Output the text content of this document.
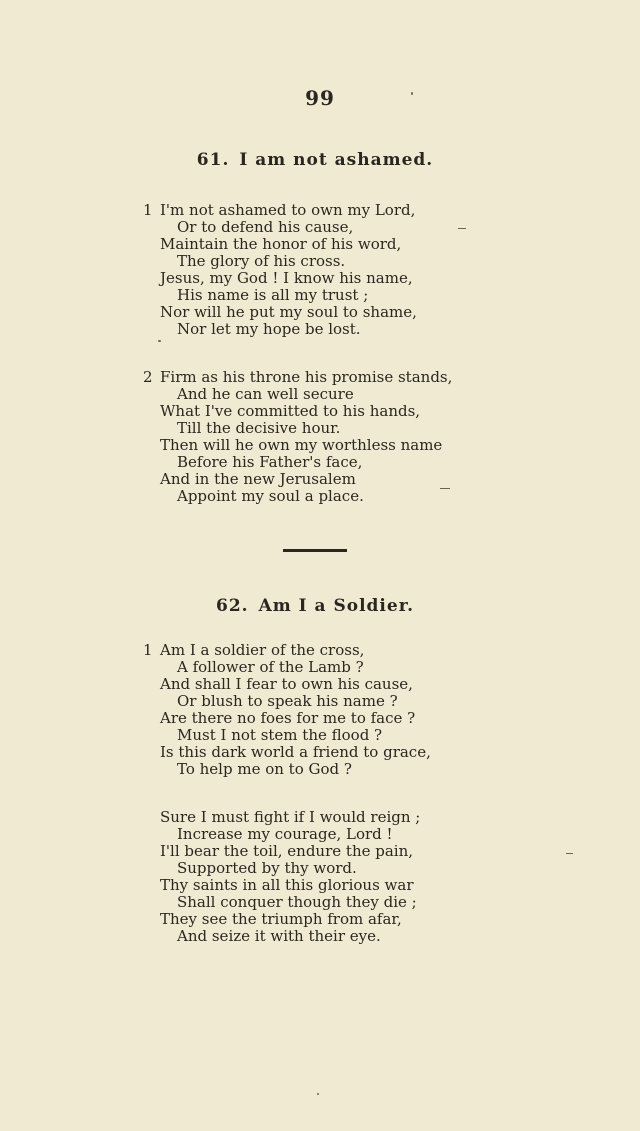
99
61. I am not ashamed.
1 I'm not ashamed to own my Lord,
Or to defend his cause,
Maintain the honor of his word,
The glory of his cross.
Jesus, my God ! I know his name,
His name is all my trust ;
Nor will he put my soul to shame,
Nor let my hope be lost.
2 Firm as his throne his promise stands,
And he can well secure
What I've committed to his hands,
Till the decisive hour.
Then will he own my worthless name
Before his Father's face,
And in the new Jerusalem
Appoint my soul a place.
62. Am I a Soldier.
1 Am I a soldier of the cross,
A follower of the Lamb ?
And shall I fear to own his cause,
Or blush to speak his name ?
Are there no foes for me to face ?
Must I not stem the flood ?
Is this dark world a friend to grace,
To help me on to God ?
Sure I must fight if I would reign ;
Increase my courage, Lord !
I'll bear the toil, endure the pain,
Supported by thy word.
Thy saints in all this glorious war
Shall conquer though they die ;
They see the triumph from afar,
And seize it with their eye.
